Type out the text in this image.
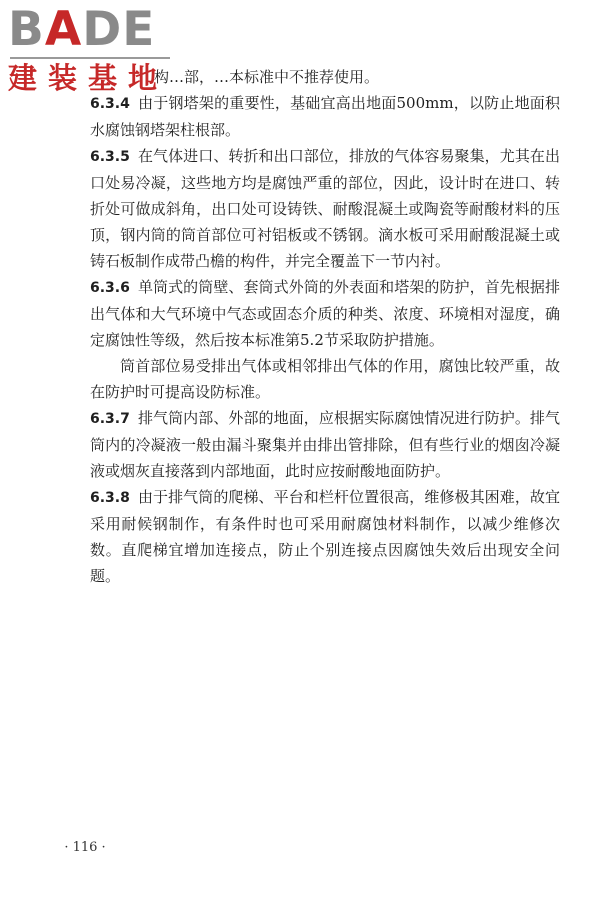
BADE
建装基地

构…部，…本标准中不推荐使用。

6.3.4 由于钢塔架的重要性，基础宜高出地面500mm，以防止地面积水腐蚀钢塔架柱根部。

6.3.5 在气体进口、转折和出口部位，排放的气体容易聚集，尤其在出口处易冷凝，这些地方均是腐蚀严重的部位，因此，设计时在进口、转折处可做成斜角，出口处可设铸铁、耐酸混凝土或陶瓷等耐酸材料的压顶，钢内筒的筒首部位可衬铝板或不锈钢。滴水板可采用耐酸混凝土或铸石板制作成带凸檐的构件，并完全覆盖下一节内衬。

6.3.6 单筒式的筒壁、套筒式外筒的外表面和塔架的防护，首先根据排出气体和大气环境中气态或固态介质的种类、浓度、环境相对湿度，确定腐蚀性等级，然后按本标准第5.2节采取防护措施。

筒首部位易受排出气体或相邻排出气体的作用，腐蚀比较严重，故在防护时可提高设防标准。

6.3.7 排气筒内部、外部的地面，应根据实际腐蚀情况进行防护。排气筒内的冷凝液一般由漏斗聚集并由排出管排除，但有些行业的烟囱冷凝液或烟灰直接落到内部地面，此时应按耐酸地面防护。

6.3.8 由于排气筒的爬梯、平台和栏杆位置很高，维修极其困难，故宜采用耐候钢制作，有条件时也可采用耐腐蚀材料制作，以减少维修次数。直爬梯宜增加连接点，防止个别连接点因腐蚀失效后出现安全问题。

· 116 ·
